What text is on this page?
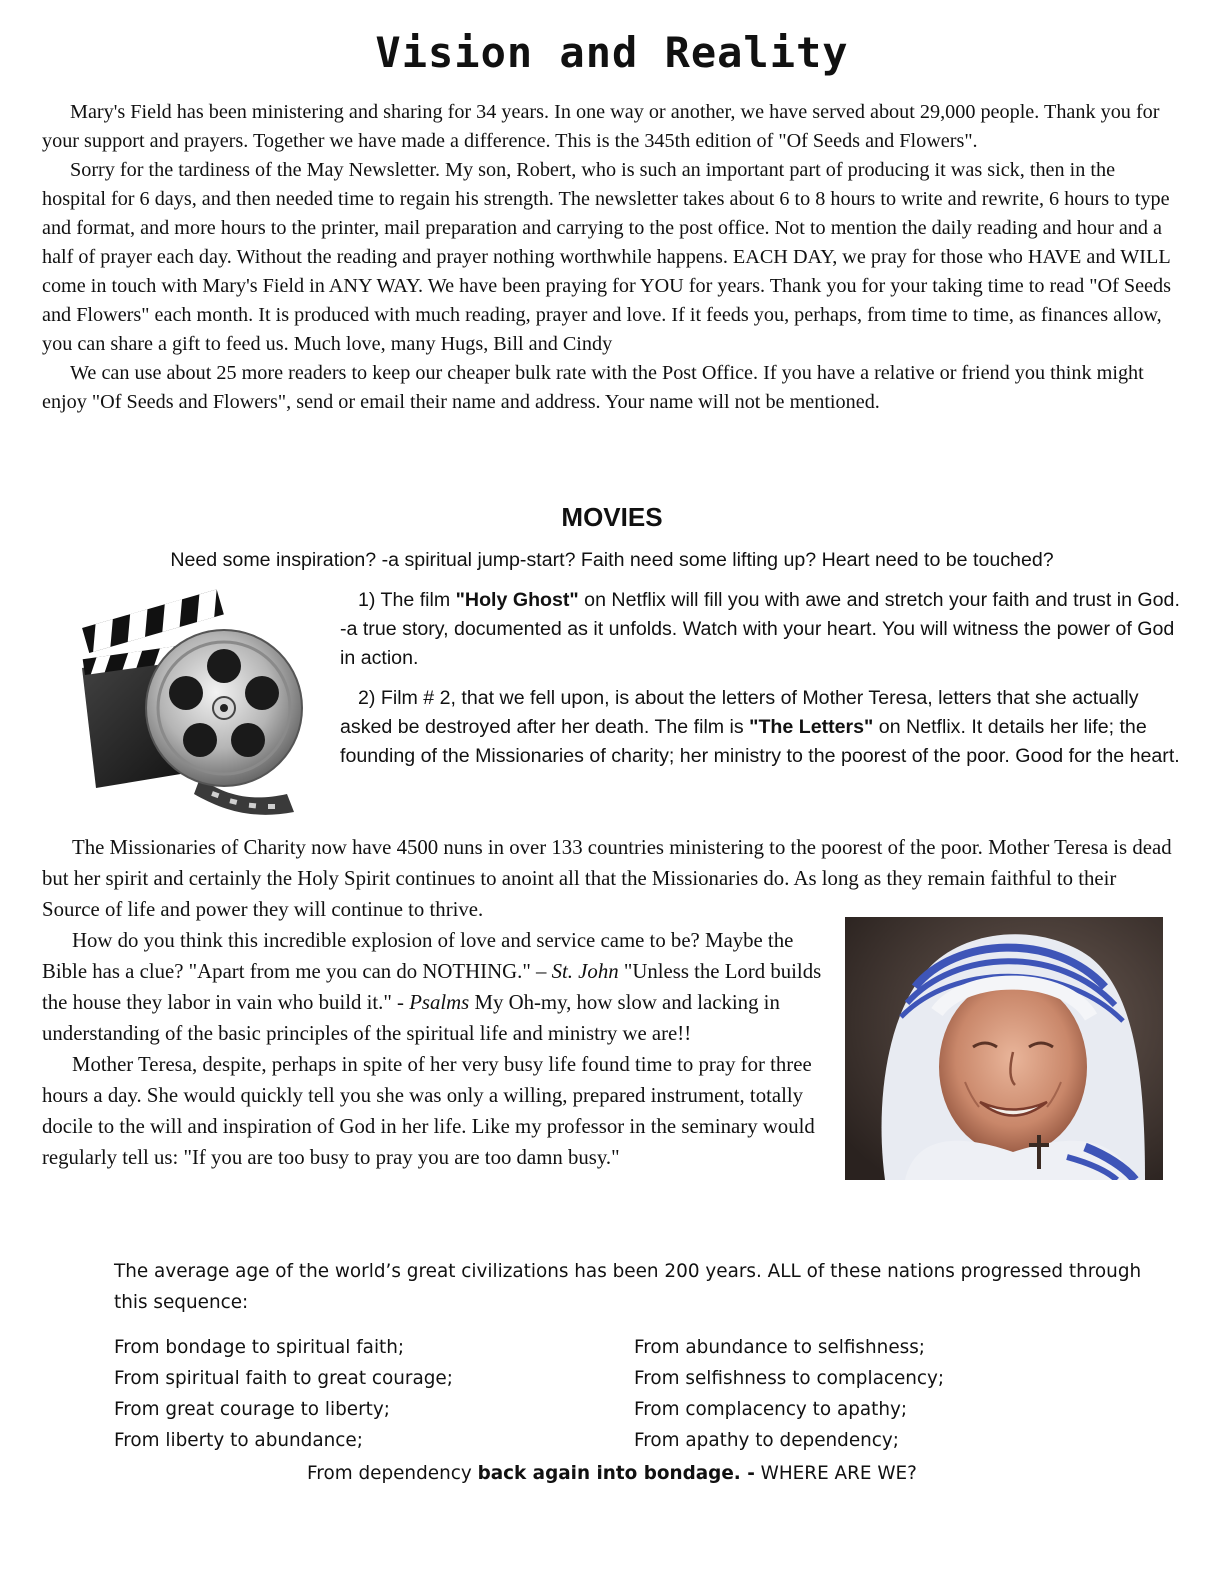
Vision and Reality

Mary's Field has been ministering and sharing for 34 years. In one way or another, we have served about 29,000 people. Thank you for your support and prayers. Together we have made a difference. This is the 345th edition of "Of Seeds and Flowers".

Sorry for the tardiness of the May Newsletter. My son, Robert, who is such an important part of producing it was sick, then in the hospital for 6 days, and then needed time to regain his strength. The newsletter takes about 6 to 8 hours to write and rewrite, 6 hours to type and format, and more hours to the printer, mail preparation and carrying to the post office. Not to mention the daily reading and hour and a half of prayer each day. Without the reading and prayer nothing worthwhile happens. EACH DAY, we pray for those who HAVE and WILL come in touch with Mary's Field in ANY WAY. We have been praying for YOU for years. Thank you for your taking time to read "Of Seeds and Flowers" each month. It is produced with much reading, prayer and love. If it feeds you, perhaps, from time to time, as finances allow, you can share a gift to feed us. Much love, many Hugs, Bill and Cindy

We can use about 25 more readers to keep our cheaper bulk rate with the Post Office. If you have a relative or friend you think might enjoy "Of Seeds and Flowers", send or email their name and address. Your name will not be mentioned.

MOVIES

Need some inspiration? -a spiritual jump-start? Faith need some lifting up? Heart need to be touched?

1) The film "Holy Ghost" on Netflix will fill you with awe and stretch your faith and trust in God. -a true story, documented as it unfolds. Watch with your heart. You will witness the power of God in action.

2) Film # 2, that we fell upon, is about the letters of Mother Teresa, letters that she actually asked be destroyed after her death. The film is "The Letters" on Netflix. It details her life; the founding of the Missionaries of charity; her ministry to the poorest of the poor. Good for the heart.

The Missionaries of Charity now have 4500 nuns in over 133 countries ministering to the poorest of the poor. Mother Teresa is dead but her spirit and certainly the Holy Spirit continues to anoint all that the Missionaries do. As long as they remain faithful to their Source of life and power they will continue to thrive.

How do you think this incredible explosion of love and service came to be? Maybe the Bible has a clue? "Apart from me you can do NOTHING." – St. John "Unless the Lord builds the house they labor in vain who build it." - Psalms My Oh-my, how slow and lacking in understanding of the basic principles of the spiritual life and ministry we are!!

Mother Teresa, despite, perhaps in spite of her very busy life found time to pray for three hours a day. She would quickly tell you she was only a willing, prepared instrument, totally docile to the will and inspiration of God in her life. Like my professor in the seminary would regularly tell us: "If you are too busy to pray you are too damn busy."

The average age of the world’s great civilizations has been 200 years. ALL of these nations progressed through this sequence:

From bondage to spiritual faith;
From spiritual faith to great courage;
From great courage to liberty;
From liberty to abundance;
From abundance to selfishness;
From selfishness to complacency;
From complacency to apathy;
From apathy to dependency;
From dependency back again into bondage. - WHERE ARE WE?
